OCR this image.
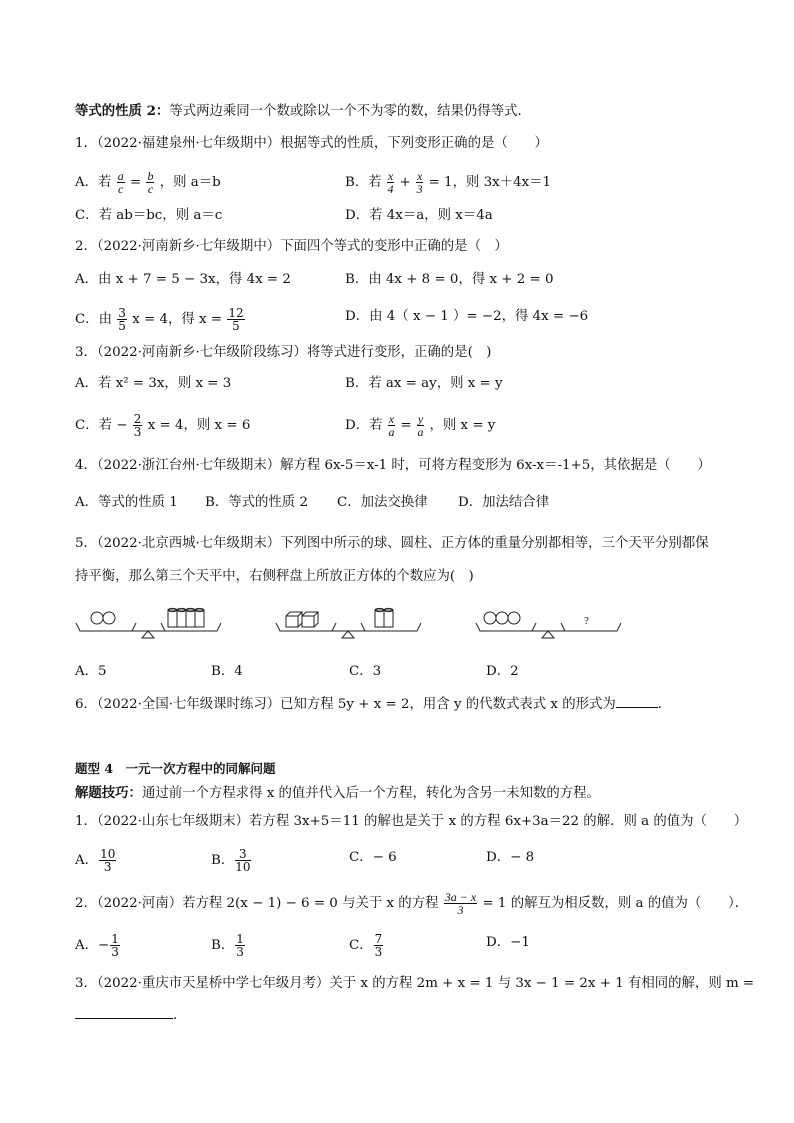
等式的性质 2：等式两边乘同一个数或除以一个不为零的数，结果仍得等式．
1．（2022·福建泉州·七年级期中）根据等式的性质，下列变形正确的是（　　）
A．若 $\frac{a}{c} = \frac{b}{c}$ ，则 a＝b	B．若 $\frac{x}{4} + \frac{x}{3} = 1$，则 3x＋4x＝1
C．若 ab＝bc，则 a＝c	D．若 4x＝a，则 x＝4a
2．（2022·河南新乡·七年级期中）下面四个等式的变形中正确的是（　）
A．由 x + 7 = 5 − 3x，得 4x = 2	B．由 4x + 8 = 0，得 x + 2 = 0
C．由 $\frac{3}{5}$ x = 4，得 $x = \frac{12}{5}$	D．由 4（ x − 1 ）= −2，得 4x = −6
3．（2022·河南新乡·七年级阶段练习）将等式进行变形，正确的是(　)
A．若 x² = 3x，则 x = 3	B．若 ax = ay，则 x = y
C．若 − $\frac{2}{3}$ x = 4，则 x = 6	D．若 $\frac{x}{a} = \frac{y}{a}$ ，则 x = y
4．（2022·浙江台州·七年级期末）解方程 6x-5＝x-1 时，可将方程变形为 6x-x＝-1+5，其依据是（　　）
A．等式的性质 1 B．等式的性质 2 C．加法交换律 D．加法结合律
5．（2022·北京西城·七年级期末）下列图中所示的球、圆柱、正方体的重量分别都相等，三个天平分别都保
持平衡，那么第三个天平中，右侧秤盘上所放正方体的个数应为(　)
?
A．5	B．4	C．3	D．2
6．（2022·全国·七年级课时练习）已知方程 5y + x = 2，用含 y 的代数式表式 x 的形式为	．
题型 4　一元一次方程中的同解问题
解题技巧：通过前一个方程求得 x 的值并代入后一个方程，转化为含另一未知数的方程。
1．（2022·山东七年级期末）若方程 3x+5＝11 的解也是关于 x 的方程 6x+3a＝22 的解．则 a 的值为（　　）
A． $\frac{10}{3}$	B． $\frac{3}{10}$	C．− 6	D．− 8
2．（2022·河南）若方程 2(x − 1) − 6 = 0 与关于 x 的方程 $\frac{3a - x}{3} = 1$ 的解互为相反数，则 a 的值为（　　）．
A．− $\frac{1}{3}$	B． $\frac{1}{3}$	C． $\frac{7}{3}$	D．−1
3．（2022·重庆市天星桥中学七年级月考）关于 x 的方程 2m + x = 1 与 3x − 1 = 2x + 1 有相同的解，则 m =
．
